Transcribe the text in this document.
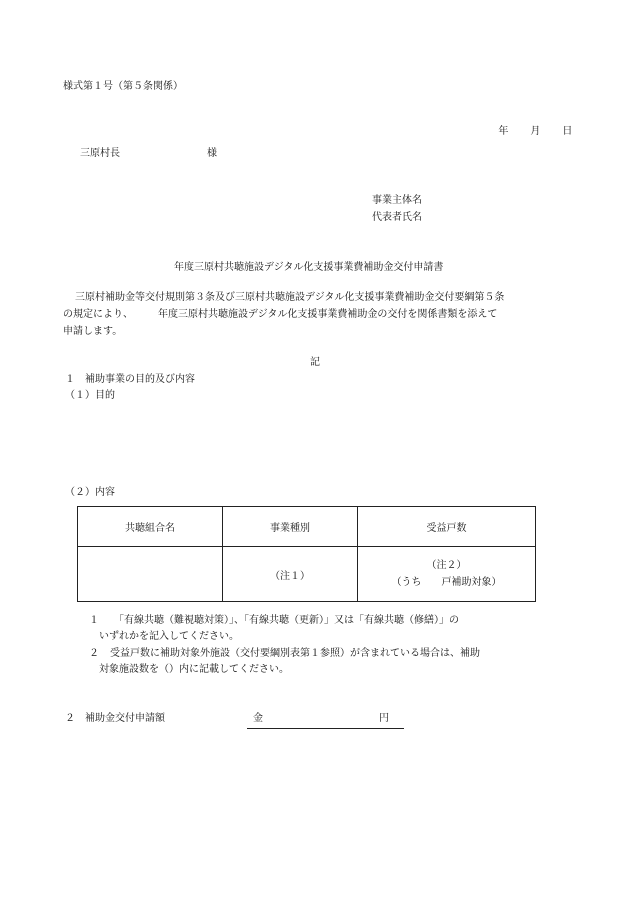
様式第１号（第５条関係）

年 月 日

三原村長	様
事業主体名
代表者氏名
年度三原村共聴施設デジタル化支援事業費補助金交付申請書
三原村補助金等交付規則第３条及び三原村共聴施設デジタル化支援事業費補助金交付要綱第５条
の規定により、　　　年度三原村共聴施設デジタル化支援事業費補助金の交付を関係書類を添えて
申請します。
記
１　補助事業の目的及び内容
（１）目的
（２）内容
共聴組合名	事業種別	受益戸数
	（注１）	（注２）
（うち　　戸補助対象）
１ 「有線共聴（難視聴対策）」、「有線共聴（更新）」又は「有線共聴（修繕）」の
いずれかを記入してください。
２ 受益戸数に補助対象外施設（交付要綱別表第１参照）が含まれている場合は、補助
対象施設数を（）内に記載してください。
２　補助金交付申請額	金	円
